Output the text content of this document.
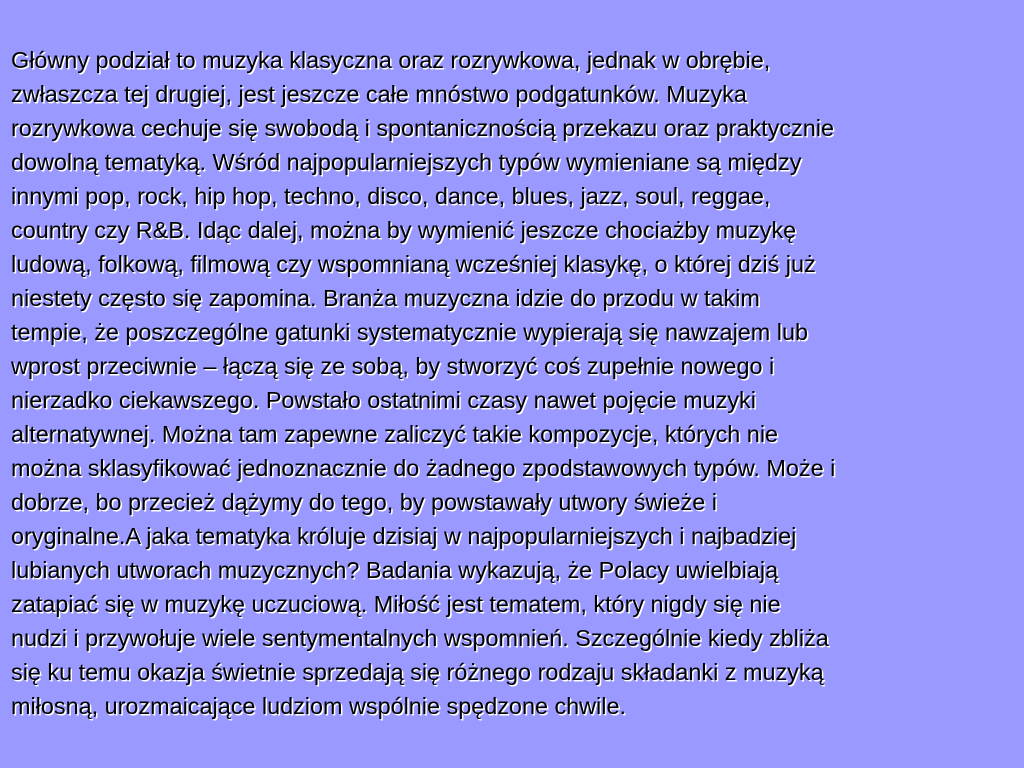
Główny podział to muzyka klasyczna oraz rozrywkowa, jednak w obrębie,
zwłaszcza tej drugiej, jest jeszcze całe mnóstwo podgatunków. Muzyka
rozrywkowa cechuje się swobodą i spontanicznością przekazu oraz praktycznie
dowolną tematyką. Wśród najpopularniejszych typów wymieniane są między
innymi pop, rock, hip hop, techno, disco, dance, blues, jazz, soul, reggae,
country czy R&B. Idąc dalej, można by wymienić jeszcze chociażby muzykę
ludową, folkową, filmową czy wspomnianą wcześniej klasykę, o której dziś już
niestety często się zapomina. Branża muzyczna idzie do przodu w takim
tempie, że poszczególne gatunki systematycznie wypierają się nawzajem lub
wprost przeciwnie – łączą się ze sobą, by stworzyć coś zupełnie nowego i
nierzadko ciekawszego. Powstało ostatnimi czasy nawet pojęcie muzyki
alternatywnej. Można tam zapewne zaliczyć takie kompozycje, których nie
można sklasyfikować jednoznacznie do żadnego zpodstawowych typów. Może i
dobrze, bo przecież dążymy do tego, by powstawały utwory świeże i
oryginalne.A jaka tematyka króluje dzisiaj w najpopularniejszych i najbadziej
lubianych utworach muzycznych? Badania wykazują, że Polacy uwielbiają
zatapiać się w muzykę uczuciową. Miłość jest tematem, który nigdy się nie
nudzi i przywołuje wiele sentymentalnych wspomnień. Szczególnie kiedy zbliża
się ku temu okazja świetnie sprzedają się różnego rodzaju składanki z muzyką
miłosną, urozmaicające ludziom wspólnie spędzone chwile.
